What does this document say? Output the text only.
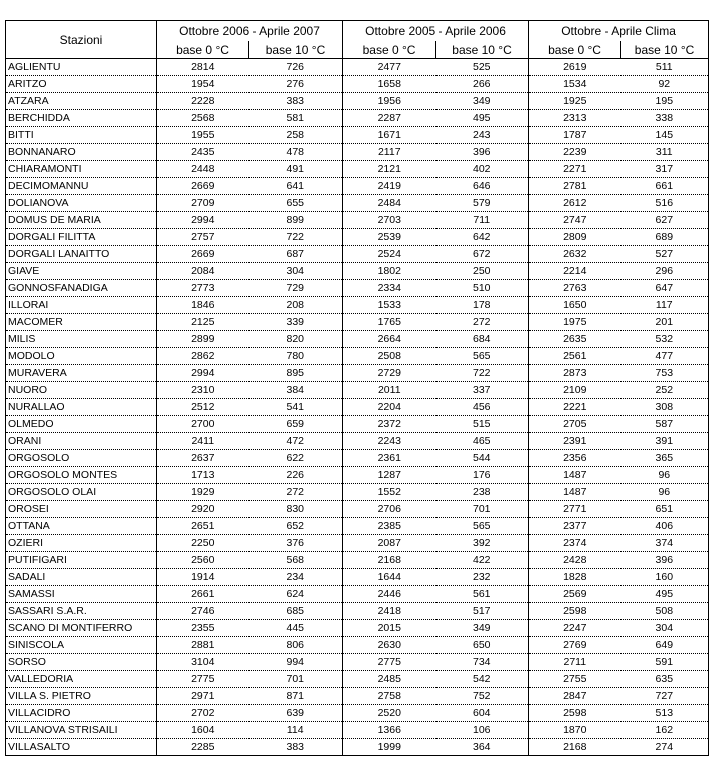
Stazioni	Ottobre 2006 - Aprile 2007		Ottobre 2005 - Aprile 2006		Ottobre - Aprile Clima	
	base 0 °C	base 10 °C	base 0 °C	base 10 °C	base 0 °C	base 10 °C
AGLIENTU	2814	726	2477	525	2619	511
ARITZO	1954	276	1658	266	1534	92
ATZARA	2228	383	1956	349	1925	195
BERCHIDDA	2568	581	2287	495	2313	338
BITTI	1955	258	1671	243	1787	145
BONNANARO	2435	478	2117	396	2239	311
CHIARAMONTI	2448	491	2121	402	2271	317
DECIMOMANNU	2669	641	2419	646	2781	661
DOLIANOVA	2709	655	2484	579	2612	516
DOMUS DE MARIA	2994	899	2703	711	2747	627
DORGALI FILITTA	2757	722	2539	642	2809	689
DORGALI LANAITTO	2669	687	2524	672	2632	527
GIAVE	2084	304	1802	250	2214	296
GONNOSFANADIGA	2773	729	2334	510	2763	647
ILLORAI	1846	208	1533	178	1650	117
MACOMER	2125	339	1765	272	1975	201
MILIS	2899	820	2664	684	2635	532
MODOLO	2862	780	2508	565	2561	477
MURAVERA	2994	895	2729	722	2873	753
NUORO	2310	384	2011	337	2109	252
NURALLAO	2512	541	2204	456	2221	308
OLMEDO	2700	659	2372	515	2705	587
ORANI	2411	472	2243	465	2391	391
ORGOSOLO	2637	622	2361	544	2356	365
ORGOSOLO MONTES	1713	226	1287	176	1487	96
ORGOSOLO OLAI	1929	272	1552	238	1487	96
OROSEI	2920	830	2706	701	2771	651
OTTANA	2651	652	2385	565	2377	406
OZIERI	2250	376	2087	392	2374	374
PUTIFIGARI	2560	568	2168	422	2428	396
SADALI	1914	234	1644	232	1828	160
SAMASSI	2661	624	2446	561	2569	495
SASSARI S.A.R.	2746	685	2418	517	2598	508
SCANO DI MONTIFERRO	2355	445	2015	349	2247	304
SINISCOLA	2881	806	2630	650	2769	649
SORSO	3104	994	2775	734	2711	591
VALLEDORIA	2775	701	2485	542	2755	635
VILLA S. PIETRO	2971	871	2758	752	2847	727
VILLACIDRO	2702	639	2520	604	2598	513
VILLANOVA STRISAILI	1604	114	1366	106	1870	162
VILLASALTO	2285	383	1999	364	2168	274
